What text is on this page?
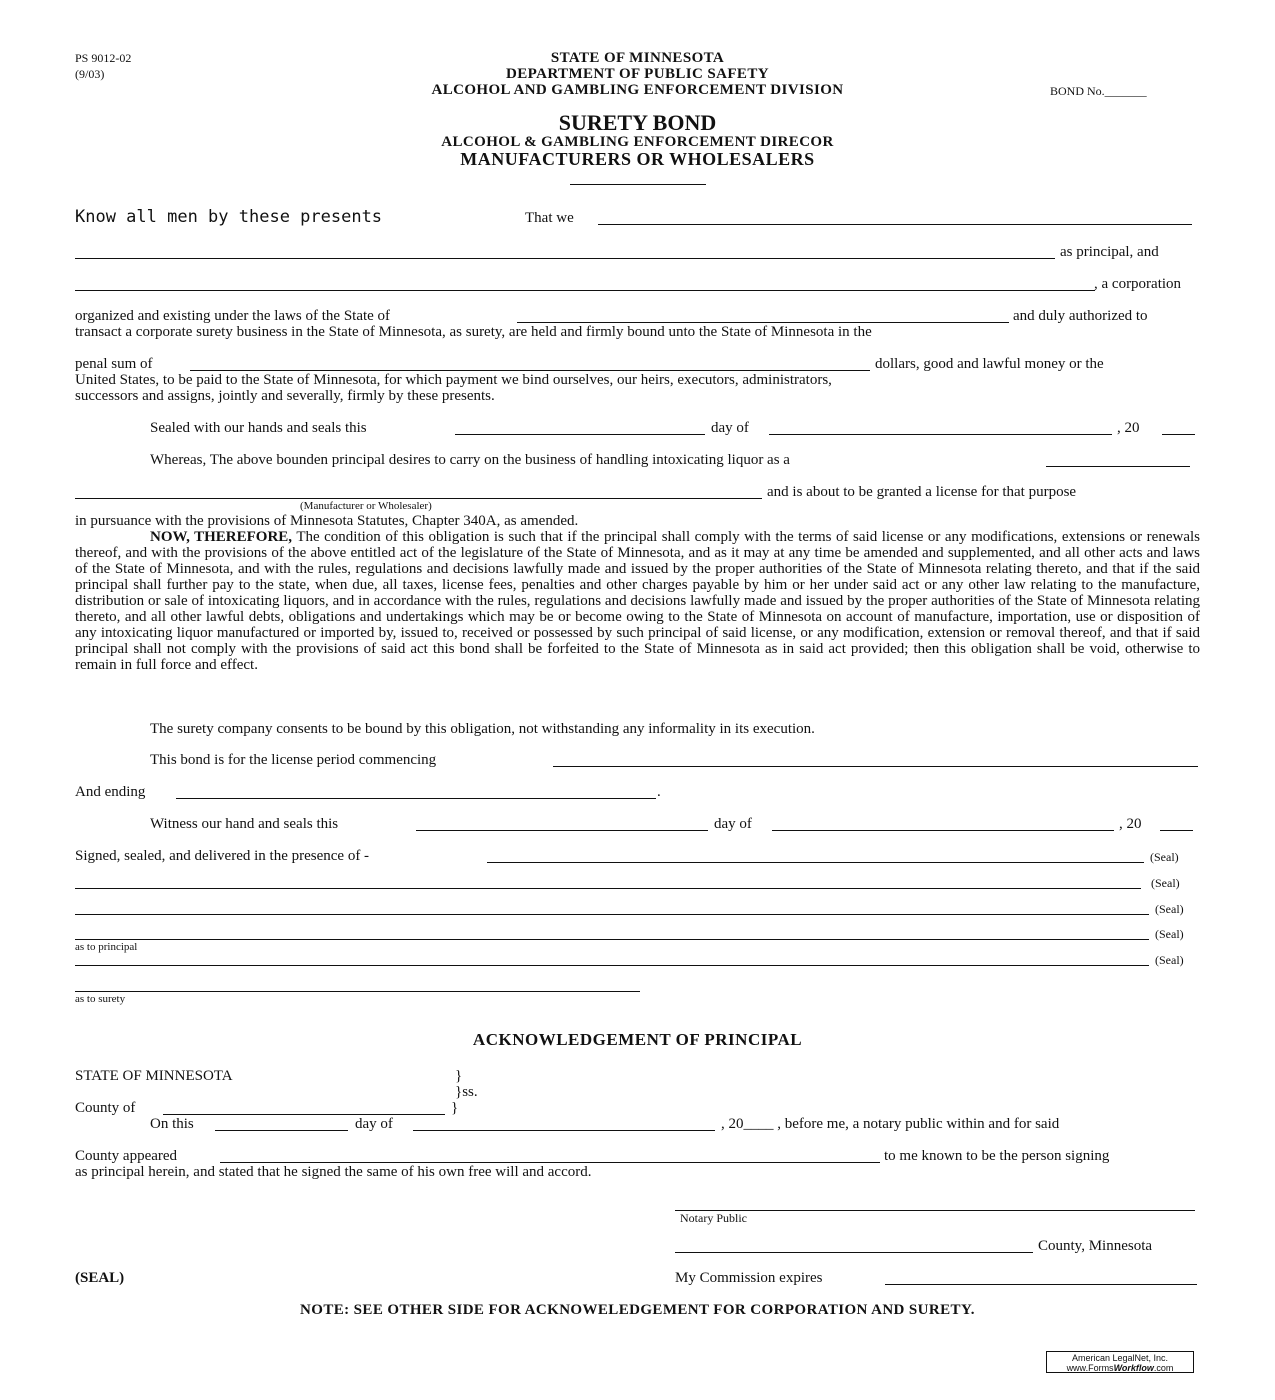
PS 9012-02
(9/03)
STATE OF MINNESOTA
DEPARTMENT OF PUBLIC SAFETY
ALCOHOL AND GAMBLING ENFORCEMENT DIVISION	BOND No._______
SURETY BOND
ALCOHOL & GAMBLING ENFORCEMENT DIRECOR
MANUFACTURERS OR WHOLESALERS
Know all men by these presents	That we
as principal, and
, a corporation
organized and existing under the laws of the State of	and duly authorized to
transact a corporate surety business in the State of Minnesota, as surety, are held and firmly bound unto the State of Minnesota in the
penal sum of	dollars, good and lawful money or the
United States, to be paid to the State of Minnesota, for which payment we bind ourselves, our heirs, executors, administrators,
successors and assigns, jointly and severally, firmly by these presents.
Sealed with our hands and seals this	day of	, 20
Whereas, The above bounden principal desires to carry on the business of handling intoxicating liquor as a
and is about to be granted a license for that purpose
(Manufacturer or Wholesaler)
in pursuance with the provisions of Minnesota Statutes, Chapter 340A, as amended.

NOW, THEREFORE, The condition of this obligation is such that if the principal shall comply with the terms of said license or any modifications, extensions or renewals thereof, and with the provisions of the above entitled act of the legislature of the State of Minnesota, and as it may at any time be amended and supplemented, and all other acts and laws of the State of Minnesota, and with the rules, regulations and decisions lawfully made and issued by the proper authorities of the State of Minnesota relating thereto, and that if the said principal shall further pay to the state, when due, all taxes, license fees, penalties and other charges payable by him or her under said act or any other law relating to the manufacture, distribution or sale of intoxicating liquors, and in accordance with the rules, regulations and decisions lawfully made and issued by the proper authorities of the State of Minnesota relating thereto, and all other lawful debts, obligations and undertakings which may be or become owing to the State of Minnesota on account of manufacture, importation, use or disposition of any intoxicating liquor manufactured or imported by, issued to, received or possessed by such principal of said license, or any modification, extension or removal thereof, and that if said principal shall not comply with the provisions of said act this bond shall be forfeited to the State of Minnesota as in said act provided; then this obligation shall be void, otherwise to remain in full force and effect.

The surety company consents to be bound by this obligation, not withstanding any informality in its execution.
This bond is for the license period commencing
And ending	.
Witness our hand and seals this	day of	, 20
Signed, sealed, and delivered in the presence of -	(Seal)
(Seal)
(Seal)
(Seal)
as to principal
(Seal)
as to surety
ACKNOWLEDGEMENT OF PRINCIPAL
STATE OF MINNESOTA	}
}ss.
County of	}
On this	day of	, 20____ , before me, a notary public within and for said
County appeared	to me known to be the person signing
as principal herein, and stated that he signed the same of his own free will and accord.
Notary Public
County, Minnesota
(SEAL)	My Commission expires
NOTE: SEE OTHER SIDE FOR ACKNOWELEDGEMENT FOR CORPORATION AND SURETY.
American LegalNet, Inc.
www.FormsWorkflow.com
